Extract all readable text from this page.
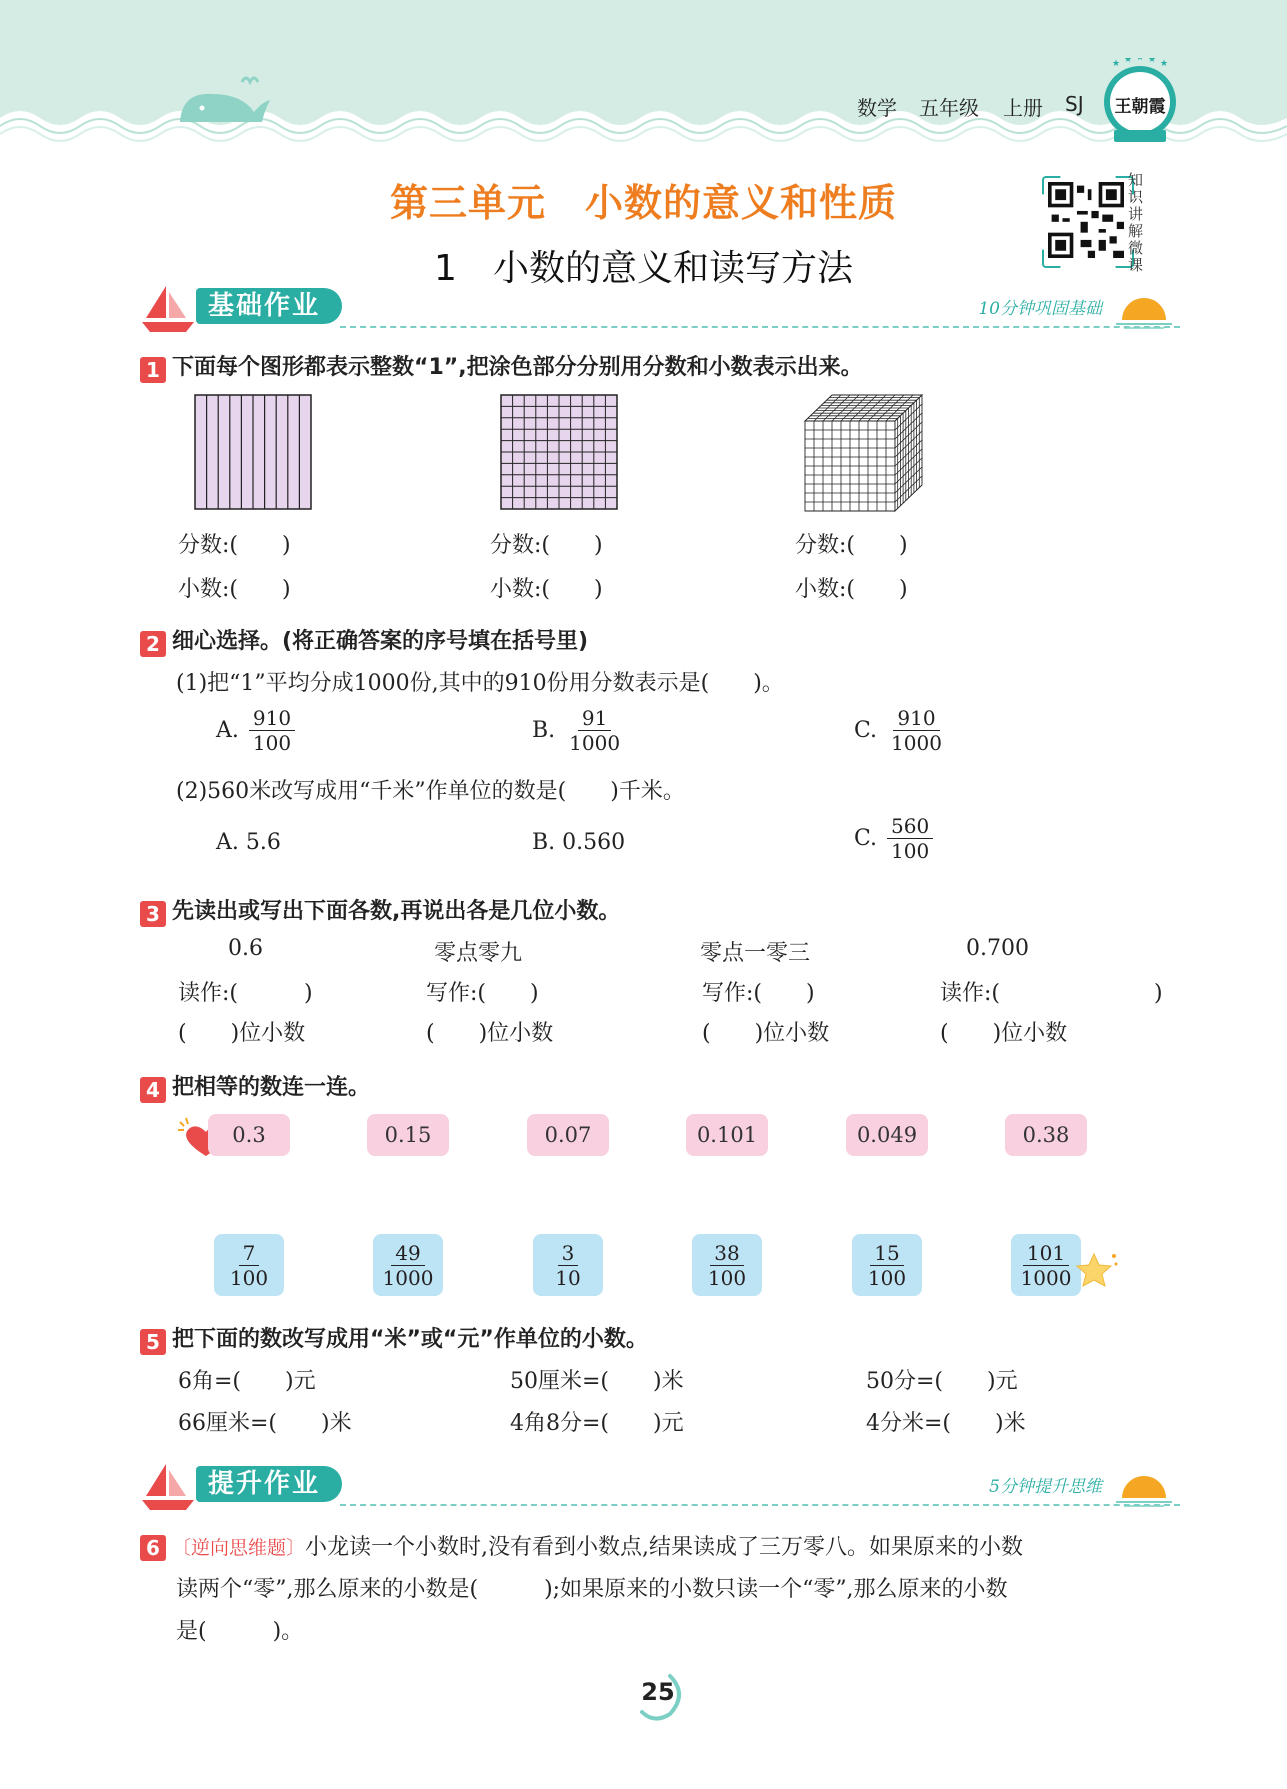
数学 五年级 上册 SJ
★ ★ ★ ★ ★
王朝霞
第三单元　小数的意义和性质
1　小数的意义和读写方法
知识讲解微课
基础作业	10分钟巩固基础
1 下面每个图形都表示整数“1”,把涂色部分分别用分数和小数表示出来。
分数:(　　)
小数:(　　)
分数:(　　)
小数:(　　)
分数:(　　)
小数:(　　)
2 细心选择。(将正确答案的序号填在括号里)
(1)把“1”平均分成1000份,其中的910份用分数表示是(　　)。
A. $\frac{910}{100}$	B. $\frac{91}{1000}$	C. $\frac{910}{1000}$
(2)560米改写成用“千米”作单位的数是(　　)千米。
A. 5.6	B. 0.560	C. $\frac{560}{100}$
3 先读出或写出下面各数,再说出各是几位小数。
0.6	零点零九	零点一零三	0.700
读作:(　　　)	写作:(　　)	写作:(　　)	读作:(　　　　　　　)
(　　)位小数	(　　)位小数	(　　)位小数	(　　)位小数
4 把相等的数连一连。
0.3	0.15	0.07	0.101	0.049	0.38
$\frac{7}{100}$	$\frac{49}{1000}$	$\frac{3}{10}$	$\frac{38}{100}$	$\frac{15}{100}$	$\frac{101}{1000}$
5 把下面的数改写成用“米”或“元”作单位的小数。
6角=(　　)元	50厘米=(　　)米	50分=(　　)元
66厘米=(　　)米	4角8分=(　　)元	4分米=(　　)米
提升作业	5分钟提升思维
6 〔逆向思维题〕小龙读一个小数时,没有看到小数点,结果读成了三万零八。如果原来的小数
读两个“零”,那么原来的小数是(　　　);如果原来的小数只读一个“零”,那么原来的小数
是(　　　)。
25
